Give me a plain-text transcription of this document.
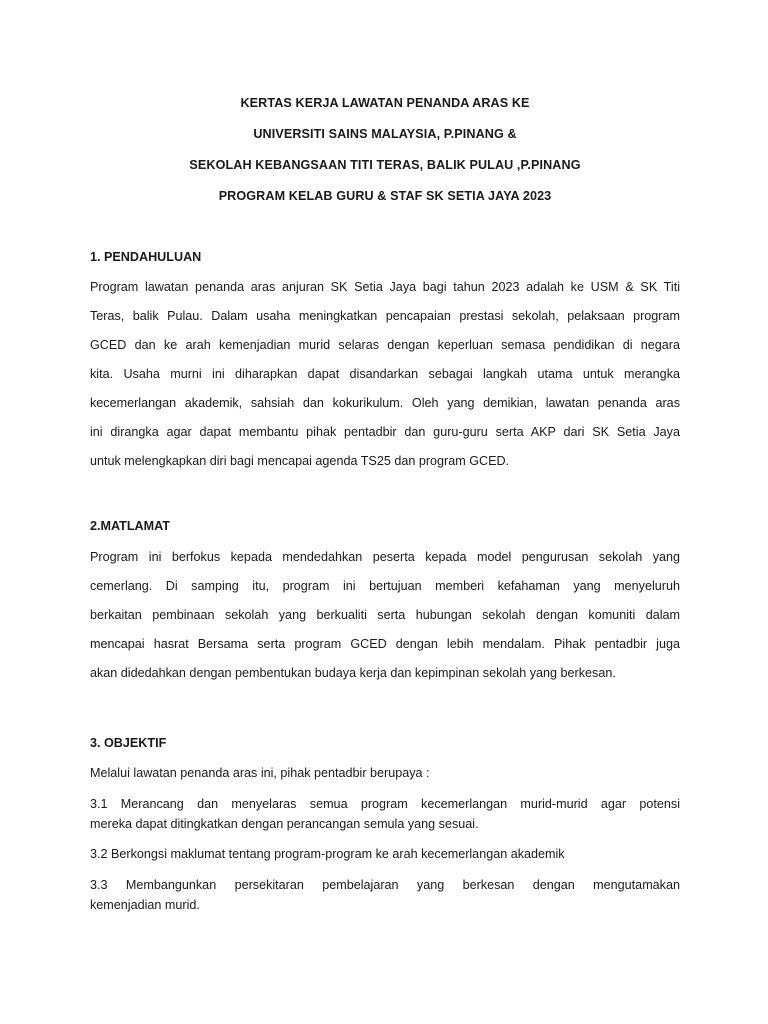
KERTAS KERJA LAWATAN PENANDA ARAS KE
UNIVERSITI SAINS MALAYSIA, P.PINANG &
SEKOLAH KEBANGSAAN TITI TERAS, BALIK PULAU ,P.PINANG
PROGRAM KELAB GURU & STAF SK SETIA JAYA 2023
1. PENDAHULUAN
Program lawatan penanda aras anjuran SK Setia Jaya bagi tahun 2023 adalah ke USM & SK Titi
Teras, balik Pulau. Dalam usaha meningkatkan pencapaian prestasi sekolah, pelaksaan program
GCED dan ke arah kemenjadian murid selaras dengan keperluan semasa pendidikan di negara
kita. Usaha murni ini diharapkan dapat disandarkan sebagai langkah utama untuk merangka
kecemerlangan akademik, sahsiah dan kokurikulum. Oleh yang demikian, lawatan penanda aras
ini dirangka agar dapat membantu pihak pentadbir dan guru-guru serta AKP dari SK Setia Jaya
untuk melengkapkan diri bagi mencapai agenda TS25 dan program GCED.
2.MATLAMAT
Program ini berfokus kepada mendedahkan peserta kepada model pengurusan sekolah yang
cemerlang. Di samping itu, program ini bertujuan memberi kefahaman yang menyeluruh
berkaitan pembinaan sekolah yang berkualiti serta hubungan sekolah dengan komuniti dalam
mencapai hasrat Bersama serta program GCED dengan lebih mendalam. Pihak pentadbir juga
akan didedahkan dengan pembentukan budaya kerja dan kepimpinan sekolah yang berkesan.
3. OBJEKTIF
Melalui lawatan penanda aras ini, pihak pentadbir berupaya :
3.1 Merancang dan menyelaras semua program kecemerlangan murid-murid agar potensi
mereka dapat ditingkatkan dengan perancangan semula yang sesuai.
3.2 Berkongsi maklumat tentang program-program ke arah kecemerlangan akademik
3.3 Membangunkan persekitaran pembelajaran yang berkesan dengan mengutamakan
kemenjadian murid.
